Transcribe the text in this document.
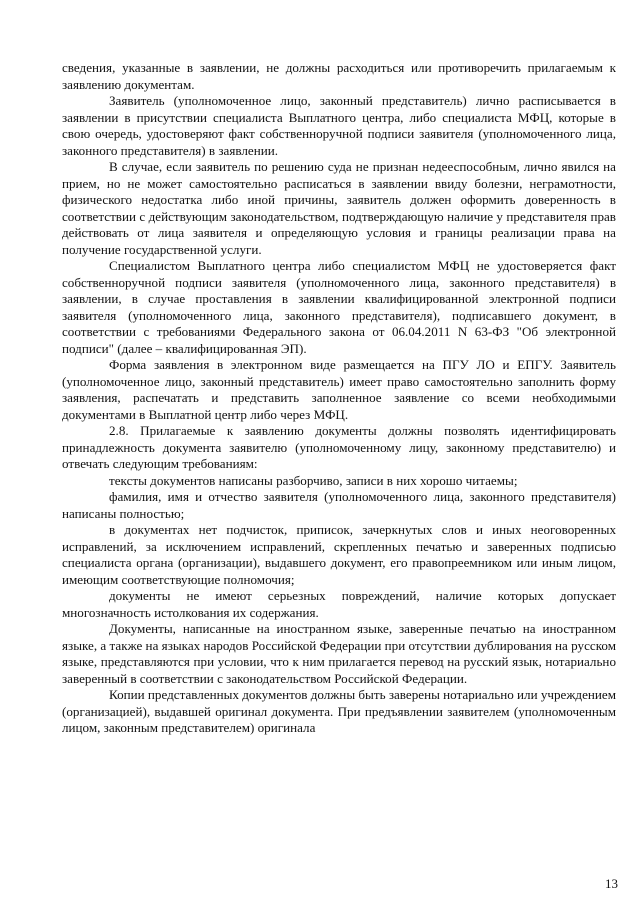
сведения, указанные в заявлении, не должны расходиться или противоречить прилагаемым к заявлению документам.

Заявитель (уполномоченное лицо, законный представитель) лично расписывается в заявлении в присутствии специалиста Выплатного центра, либо специалиста МФЦ, которые в свою очередь, удостоверяют факт собственноручной подписи заявителя (уполномоченного лица, законного представителя) в заявлении.

В случае, если заявитель по решению суда не признан недееспособным, лично явился на прием, но не может самостоятельно расписаться в заявлении ввиду болезни, неграмотности, физического недостатка либо иной причины, заявитель должен оформить доверенность в соответствии с действующим законодательством, подтверждающую наличие у представителя прав действовать от лица заявителя и определяющую условия и границы реализации права на получение государственной услуги.

Специалистом Выплатного центра либо специалистом МФЦ не удостоверяется факт собственноручной подписи заявителя (уполномоченного лица, законного представителя) в заявлении, в случае проставления в заявлении квалифицированной электронной подписи заявителя (уполномоченного лица, законного представителя), подписавшего документ, в соответствии с требованиями Федерального закона от 06.04.2011 N 63-ФЗ "Об электронной подписи" (далее – квалифицированная ЭП).

Форма заявления в электронном виде размещается на ПГУ ЛО и ЕПГУ. Заявитель (уполномоченное лицо, законный представитель) имеет право самостоятельно заполнить форму заявления, распечатать и представить заполненное заявление со всеми необходимыми документами в Выплатной центр либо через МФЦ.

2.8. Прилагаемые к заявлению документы должны позволять идентифицировать принадлежность документа заявителю (уполномоченному лицу, законному представителю) и отвечать следующим требованиям:

тексты документов написаны разборчиво, записи в них хорошо читаемы;

фамилия, имя и отчество заявителя (уполномоченного лица, законного представителя) написаны полностью;

в документах нет подчисток, приписок, зачеркнутых слов и иных неоговоренных исправлений, за исключением исправлений, скрепленных печатью и заверенных подписью специалиста органа (организации), выдавшего документ, его правопреемником или иным лицом, имеющим соответствующие полномочия;

документы не имеют серьезных повреждений, наличие которых допускает многозначность истолкования их содержания.

Документы, написанные на иностранном языке, заверенные печатью на иностранном языке, а также на языках народов Российской Федерации при отсутствии дублирования на русском языке, представляются при условии, что к ним прилагается перевод на русский язык, нотариально заверенный в соответствии с законодательством Российской Федерации.

Копии представленных документов должны быть заверены нотариально или учреждением (организацией), выдавшей оригинал документа. При предъявлении заявителем (уполномоченным лицом, законным представителем) оригинала

13
